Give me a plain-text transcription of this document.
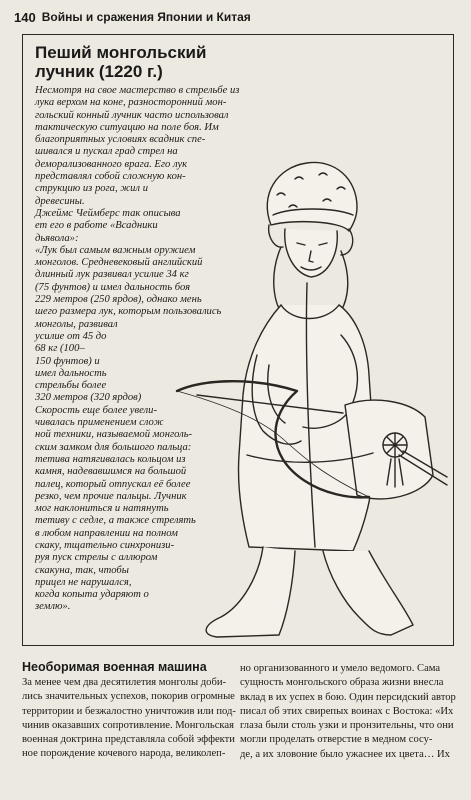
140 Войны и сражения Японии и Китая
Пеший монгольский
лучник (1220 г.)
Несмотря на свое мастерство в стрельбе из
лука верхом на коне, разносторонний мон-
гольский конный лучник часто использовал
тактическую ситуацию на поле боя. Им
благоприятных условиях всадник спе-
шивался и пускал град стрел на
деморализованного врага. Его лук
представлял собой сложную кон-
струкцию из рога, жил и
древесины.
Джеймс Чеймберс так описыва
ет его в работе «Всадники
дьявола»:
«Лук был самым важным оружием
монголов. Средневековый английский
длинный лук развивал усилие 34 кг
(75 фунтов) и имел дальность боя
229 метров (250 ярдов), однако мень
шего размера лук, которым пользовались
монголы, развивал
усилие от 45 до
68 кг (100–
150 фунтов) и
имел дальность
стрельбы более
320 метров (320 ярдов)
Скорость еще более увели-
чивалась применением слож
ной техники, называемой монголь-
ским замком для большого пальца:
тетива натягивалась кольцом из
камня, надевавшимся на большой
палец, который отпускал её более
резко, чем прочие пальцы. Лучник
мог наклониться и натянуть
тетиву с седле, а также стрелять
в любом направлении на полном
скаку, тщательно синхронизи-
руя пуск стрелы с аллюром
скакуна, так, чтобы
прицел не нарушался,
когда копыта ударяют о
землю».
Необоримая военная машина
За менее чем два десятилетия монголы доби-
лись значительных успехов, покорив огромные
территории и безжалостно уничтожив или под-
чинив оказавших сопротивление. Монгольская
военная доктрина представляла собой эффекти
ное порождение кочевого народа, великолеп-
но организованного и умело ведомого. Сама
сущность монгольского образа жизни внесла
вклад в их успех в бою. Один персидский автор
писал об этих свирепых воинах с Востока: «Их
глаза были столь узки и пронзительны, что они
могли проделать отверстие в медном сосу-
де, а их зловоние было ужаснее их цвета… Их
